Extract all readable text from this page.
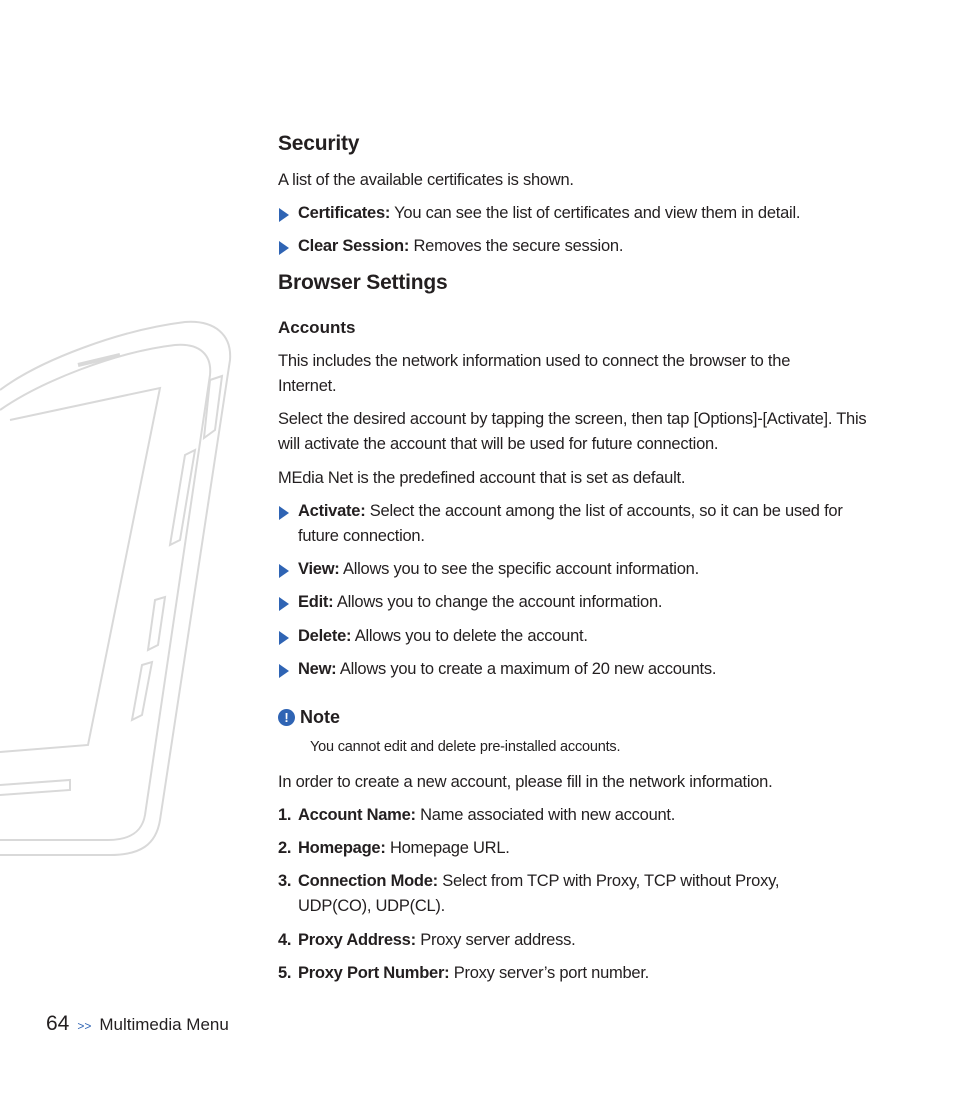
Security

A list of the available certificates is shown.

Certificates: You can see the list of certificates and view them in detail.
Clear Session: Removes the secure session.
Browser Settings
Accounts

This includes the network information used to connect the browser to the Internet.

Select the desired account by tapping the screen, then tap [Options]-[Activate]. This will activate the account that will be used for future connection.

MEdia Net is the predefined account that is set as default.

Activate: Select the account among the list of accounts, so it can be used for future connection.
View: Allows you to see the specific account information.
Edit: Allows you to change the account information.
Delete: Allows you to delete the account.
New: Allows you to create a maximum of 20 new accounts.
! Note
You cannot edit and delete pre-installed accounts.

In order to create a new account, please fill in the network information.

1. Account Name: Name associated with new account.
2. Homepage: Homepage URL.
3. Connection Mode: Select from TCP with Proxy, TCP without Proxy, UDP(CO), UDP(CL).
4. Proxy Address: Proxy server address.
5. Proxy Port Number: Proxy server’s port number.
64 >> Multimedia Menu
